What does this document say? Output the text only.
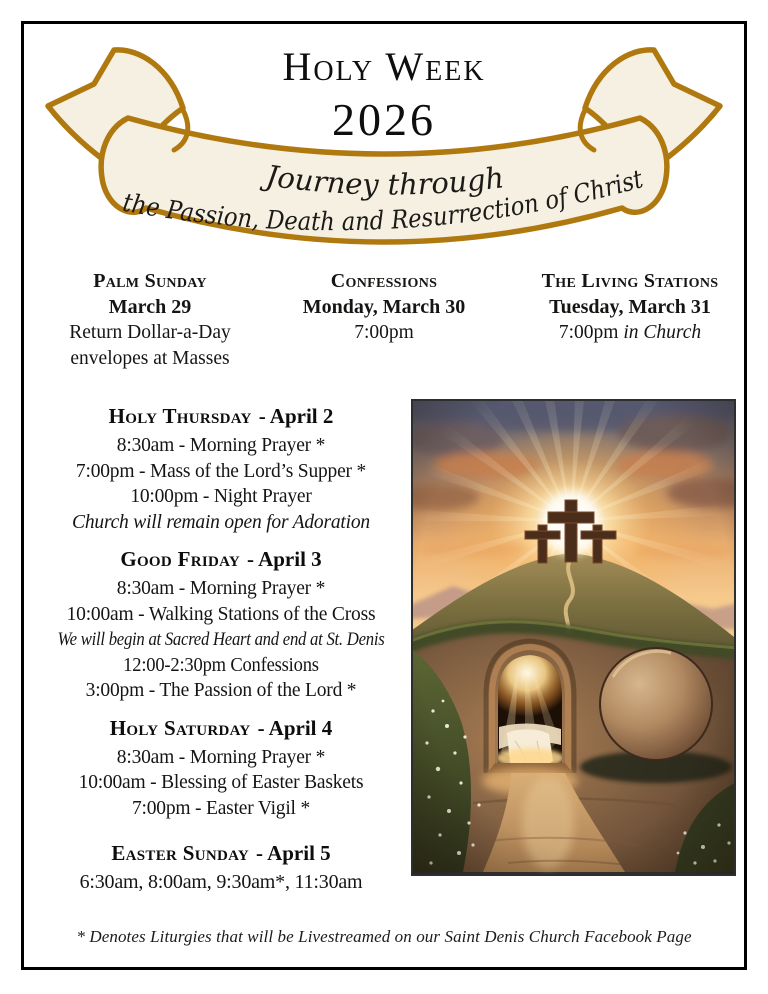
Journey through
the Passion, Death and Resurrection of Christ
Holy Week
2026
Palm Sunday
March 29
Return Dollar-a-Day
envelopes at Masses
Confessions
Monday, March 30
7:00pm
The Living Stations
Tuesday, March 31
7:00pm in Church
Holy Thursday - April 2
8:30am - Morning Prayer *
7:00pm - Mass of the Lord’s Supper *
10:00pm - Night Prayer
Church will remain open for Adoration
Good Friday - April 3
8:30am - Morning Prayer *
10:00am - Walking Stations of the Cross
We will begin at Sacred Heart and end at St. Denis
12:00-2:30pm Confessions
3:00pm - The Passion of the Lord *
Holy Saturday - April 4
8:30am - Morning Prayer *
10:00am - Blessing of Easter Baskets
7:00pm - Easter Vigil *
Easter Sunday - April 5
6:30am, 8:00am, 9:30am*, 11:30am
* Denotes Liturgies that will be Livestreamed on our Saint Denis Church Facebook Page
